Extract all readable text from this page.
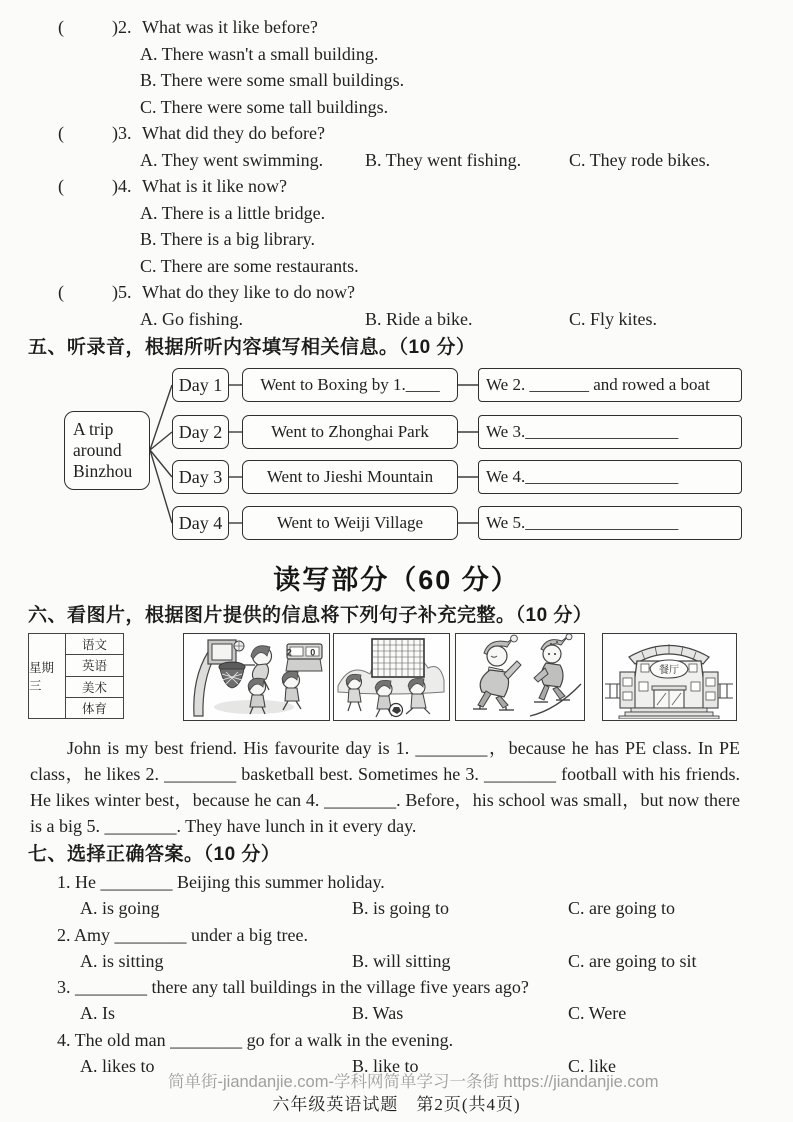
(	)2. What was it like before?
A. There wasn't a small building.
B. There were some small buildings.
C. There were some tall buildings.
(	)3. What did they do before?
A. They went swimming.	B. They went fishing.	C. They rode bikes.
(	)4. What is it like now?
A. There is a little bridge.
B. There is a big library.
C. There are some restaurants.
(	)5. What do they like to do now?
A. Go fishing.	B. Ride a bike.	C. Fly kites.
五、听录音，根据所听内容填写相关信息。（10 分）
A trip around Binzhou
Day 1	Went to Boxing by 1.____	We 2. _______ and rowed a boat
Day 2	Went to Zhonghai Park	We 3.__________________
Day 3	Went to Jieshi Mountain	We 4.__________________
Day 4	Went to Weiji Village	We 5.__________________
读写部分（60 分）
六、看图片，根据图片提供的信息将下列句子补充完整。（10 分）
星期三
语文
英语
美术
体育
2 0
餐厅

John is my best friend. His favourite day is 1. ________，because he has PE class. In PE class，he likes 2. ________ basketball best. Sometimes he 3. ________ football with his friends. He likes winter best，because he can 4. ________. Before，his school was small，but now there is a big 5. ________. They have lunch in it every day.

七、选择正确答案。（10 分）
1. He ________ Beijing this summer holiday.
A. is going	B. is going to	C. are going to
2. Amy ________ under a big tree.
A. is sitting	B. will sitting	C. are going to sit
3. ________ there any tall buildings in the village five years ago?
A. Is	B. Was	C. Were
4. The old man ________ go for a walk in the evening.
A. likes to	B. like to	C. like
简单街-jiandanjie.com-学科网简单学习一条街 https://jiandanjie.com
六年级英语试题　第2页(共4页)
